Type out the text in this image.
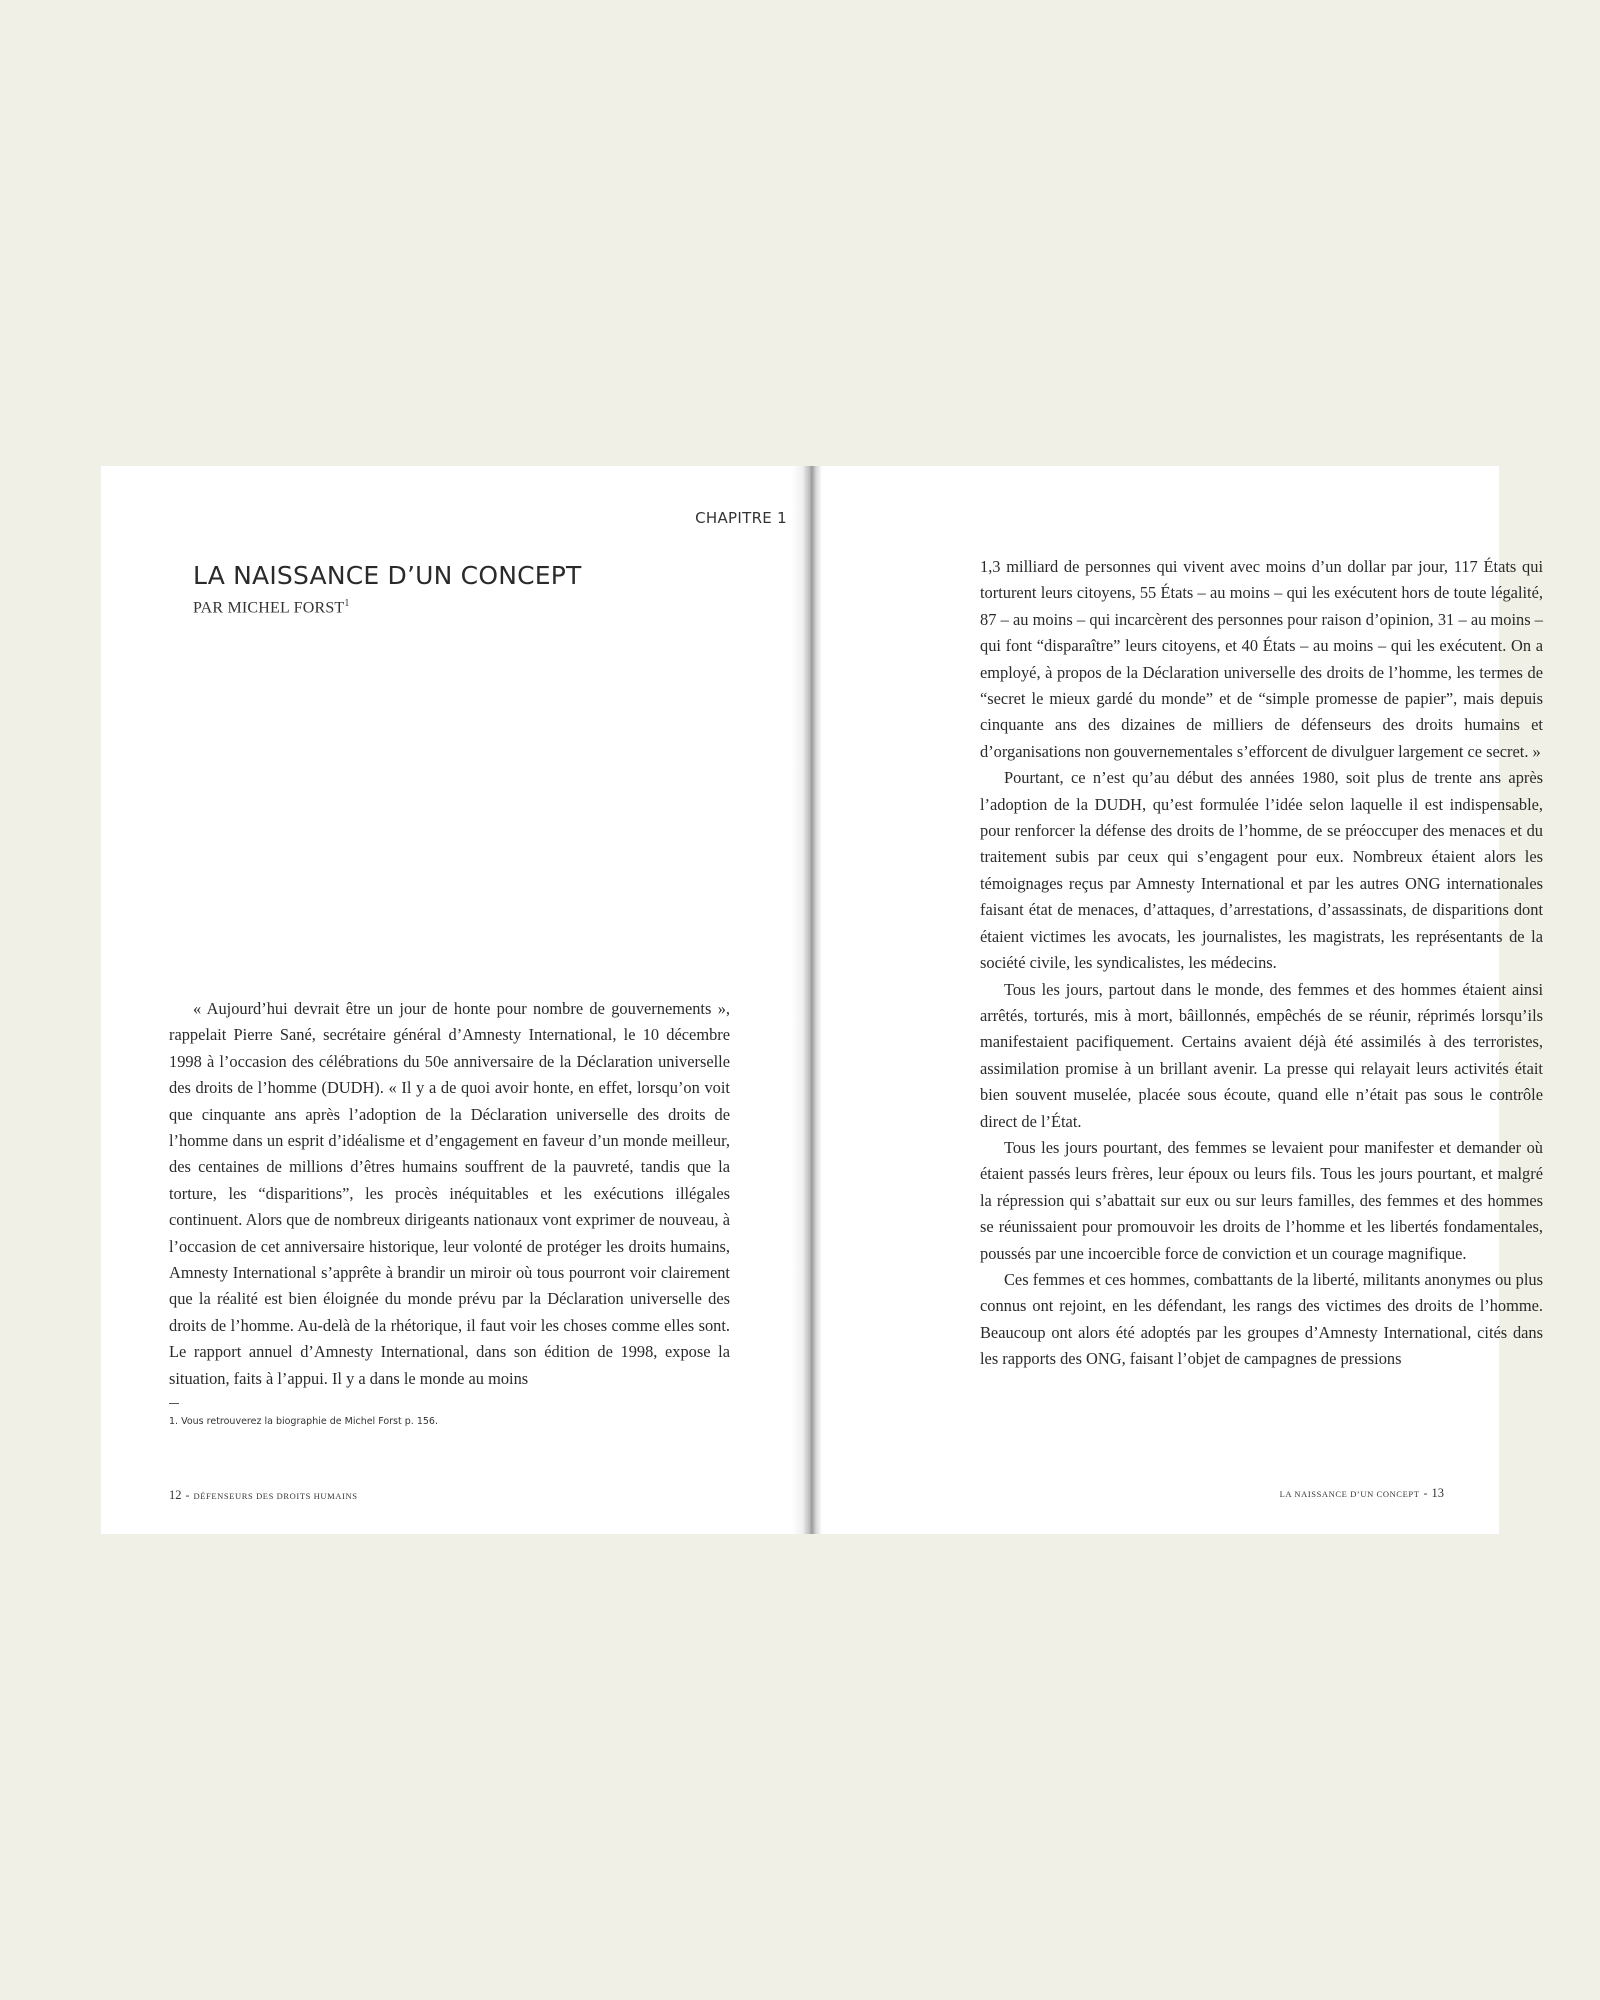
CHAPITRE 1
LA NAISSANCE D’UN CONCEPT
PAR MICHEL FORST$^1$

« Aujourd’hui devrait être un jour de honte pour nombre de gouvernements », rappelait Pierre Sané, secrétaire général d’Amnesty International, le 10 décembre 1998 à l’occasion des célébrations du 50e anniversaire de la Déclaration universelle des droits de l’homme (DUDH). « Il y a de quoi avoir honte, en effet, lorsqu’on voit que cinquante ans après l’adoption de la Déclaration universelle des droits de l’homme dans un esprit d’idéalisme et d’engagement en faveur d’un monde meilleur, des centaines de millions d’êtres humains souffrent de la pauvreté, tandis que la torture, les “disparitions”, les procès inéquitables et les exécutions illégales continuent. Alors que de nombreux dirigeants nationaux vont exprimer de nouveau, à l’occasion de cet anniversaire historique, leur volonté de protéger les droits humains, Amnesty International s’apprête à brandir un miroir où tous pourront voir clairement que la réalité est bien éloignée du monde prévu par la Déclaration universelle des droits de l’homme. Au-delà de la rhétorique, il faut voir les choses comme elles sont. Le rapport annuel d’Amnesty International, dans son édition de 1998, expose la situation, faits à l’appui. Il y a dans le monde au moins

1. Vous retrouverez la biographie de Michel Forst p. 156.
12 - DÉFENSEURS DES DROITS HUMAINS

1,3 milliard de personnes qui vivent avec moins d’un dollar par jour, 117 États qui torturent leurs citoyens, 55 États – au moins – qui les exécutent hors de toute légalité, 87 – au moins – qui incarcèrent des personnes pour raison d’opinion, 31 – au moins – qui font “disparaître” leurs citoyens, et 40 États – au moins – qui les exécutent. On a employé, à propos de la Déclaration universelle des droits de l’homme, les termes de “secret le mieux gardé du monde” et de “simple promesse de papier”, mais depuis cinquante ans des dizaines de milliers de défenseurs des droits humains et d’organisations non gouvernementales s’efforcent de divulguer largement ce secret. »

Pourtant, ce n’est qu’au début des années 1980, soit plus de trente ans après l’adoption de la DUDH, qu’est formulée l’idée selon laquelle il est indispensable, pour renforcer la défense des droits de l’homme, de se préoccuper des menaces et du traitement subis par ceux qui s’engagent pour eux. Nombreux étaient alors les témoignages reçus par Amnesty International et par les autres ONG internationales faisant état de menaces, d’attaques, d’arrestations, d’assassinats, de disparitions dont étaient victimes les avocats, les journalistes, les magistrats, les représentants de la société civile, les syndicalistes, les médecins.

Tous les jours, partout dans le monde, des femmes et des hommes étaient ainsi arrêtés, torturés, mis à mort, bâillonnés, empêchés de se réunir, réprimés lorsqu’ils manifestaient pacifiquement. Certains avaient déjà été assimilés à des terroristes, assimilation promise à un brillant avenir. La presse qui relayait leurs activités était bien souvent muselée, placée sous écoute, quand elle n’était pas sous le contrôle direct de l’État.

Tous les jours pourtant, des femmes se levaient pour manifester et demander où étaient passés leurs frères, leur époux ou leurs fils. Tous les jours pourtant, et malgré la répression qui s’abattait sur eux ou sur leurs familles, des femmes et des hommes se réunissaient pour promouvoir les droits de l’homme et les libertés fondamentales, poussés par une incoercible force de conviction et un courage magnifique.

Ces femmes et ces hommes, combattants de la liberté, militants anonymes ou plus connus ont rejoint, en les défendant, les rangs des victimes des droits de l’homme. Beaucoup ont alors été adoptés par les groupes d’Amnesty International, cités dans les rapports des ONG, faisant l’objet de campagnes de pressions

LA NAISSANCE D’UN CONCEPT - 13
